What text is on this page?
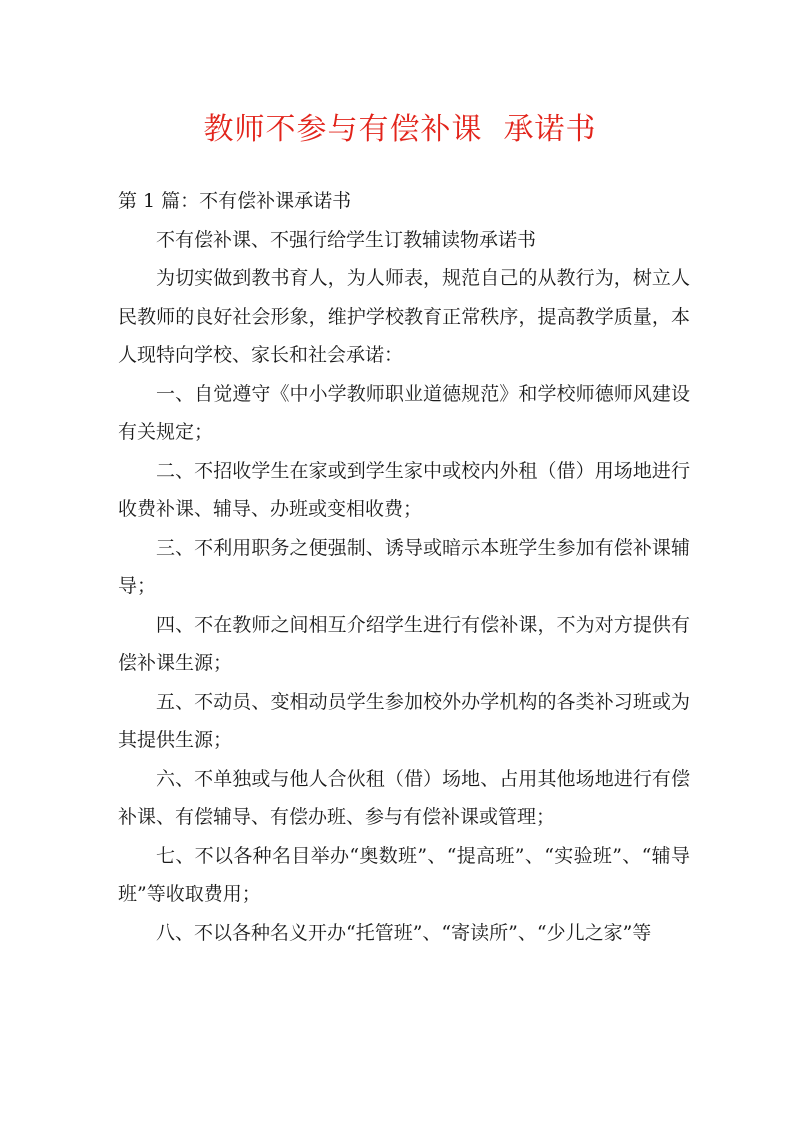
教师不参与有偿补课  承诺书

第 1 篇：不有偿补课承诺书

不有偿补课、不强行给学生订教辅读物承诺书

为切实做到教书育人，为人师表，规范自己的从教行为，树立人民教师的良好社会形象，维护学校教育正常秩序，提高教学质量，本人现特向学校、家长和社会承诺：

一、自觉遵守《中小学教师职业道德规范》和学校师德师风建设有关规定；

二、不招收学生在家或到学生家中或校内外租（借）用场地进行收费补课、辅导、办班或变相收费；

三、不利用职务之便强制、诱导或暗示本班学生参加有偿补课辅导；

四、不在教师之间相互介绍学生进行有偿补课，不为对方提供有偿补课生源；

五、不动员、变相动员学生参加校外办学机构的各类补习班或为其提供生源；

六、不单独或与他人合伙租（借）场地、占用其他场地进行有偿补课、有偿辅导、有偿办班、参与有偿补课或管理；

七、不以各种名目举办“奥数班”、“提高班”、“实验班”、“辅导班”等收取费用；

八、不以各种名义开办“托管班”、“寄读所”、“少儿之家”等
